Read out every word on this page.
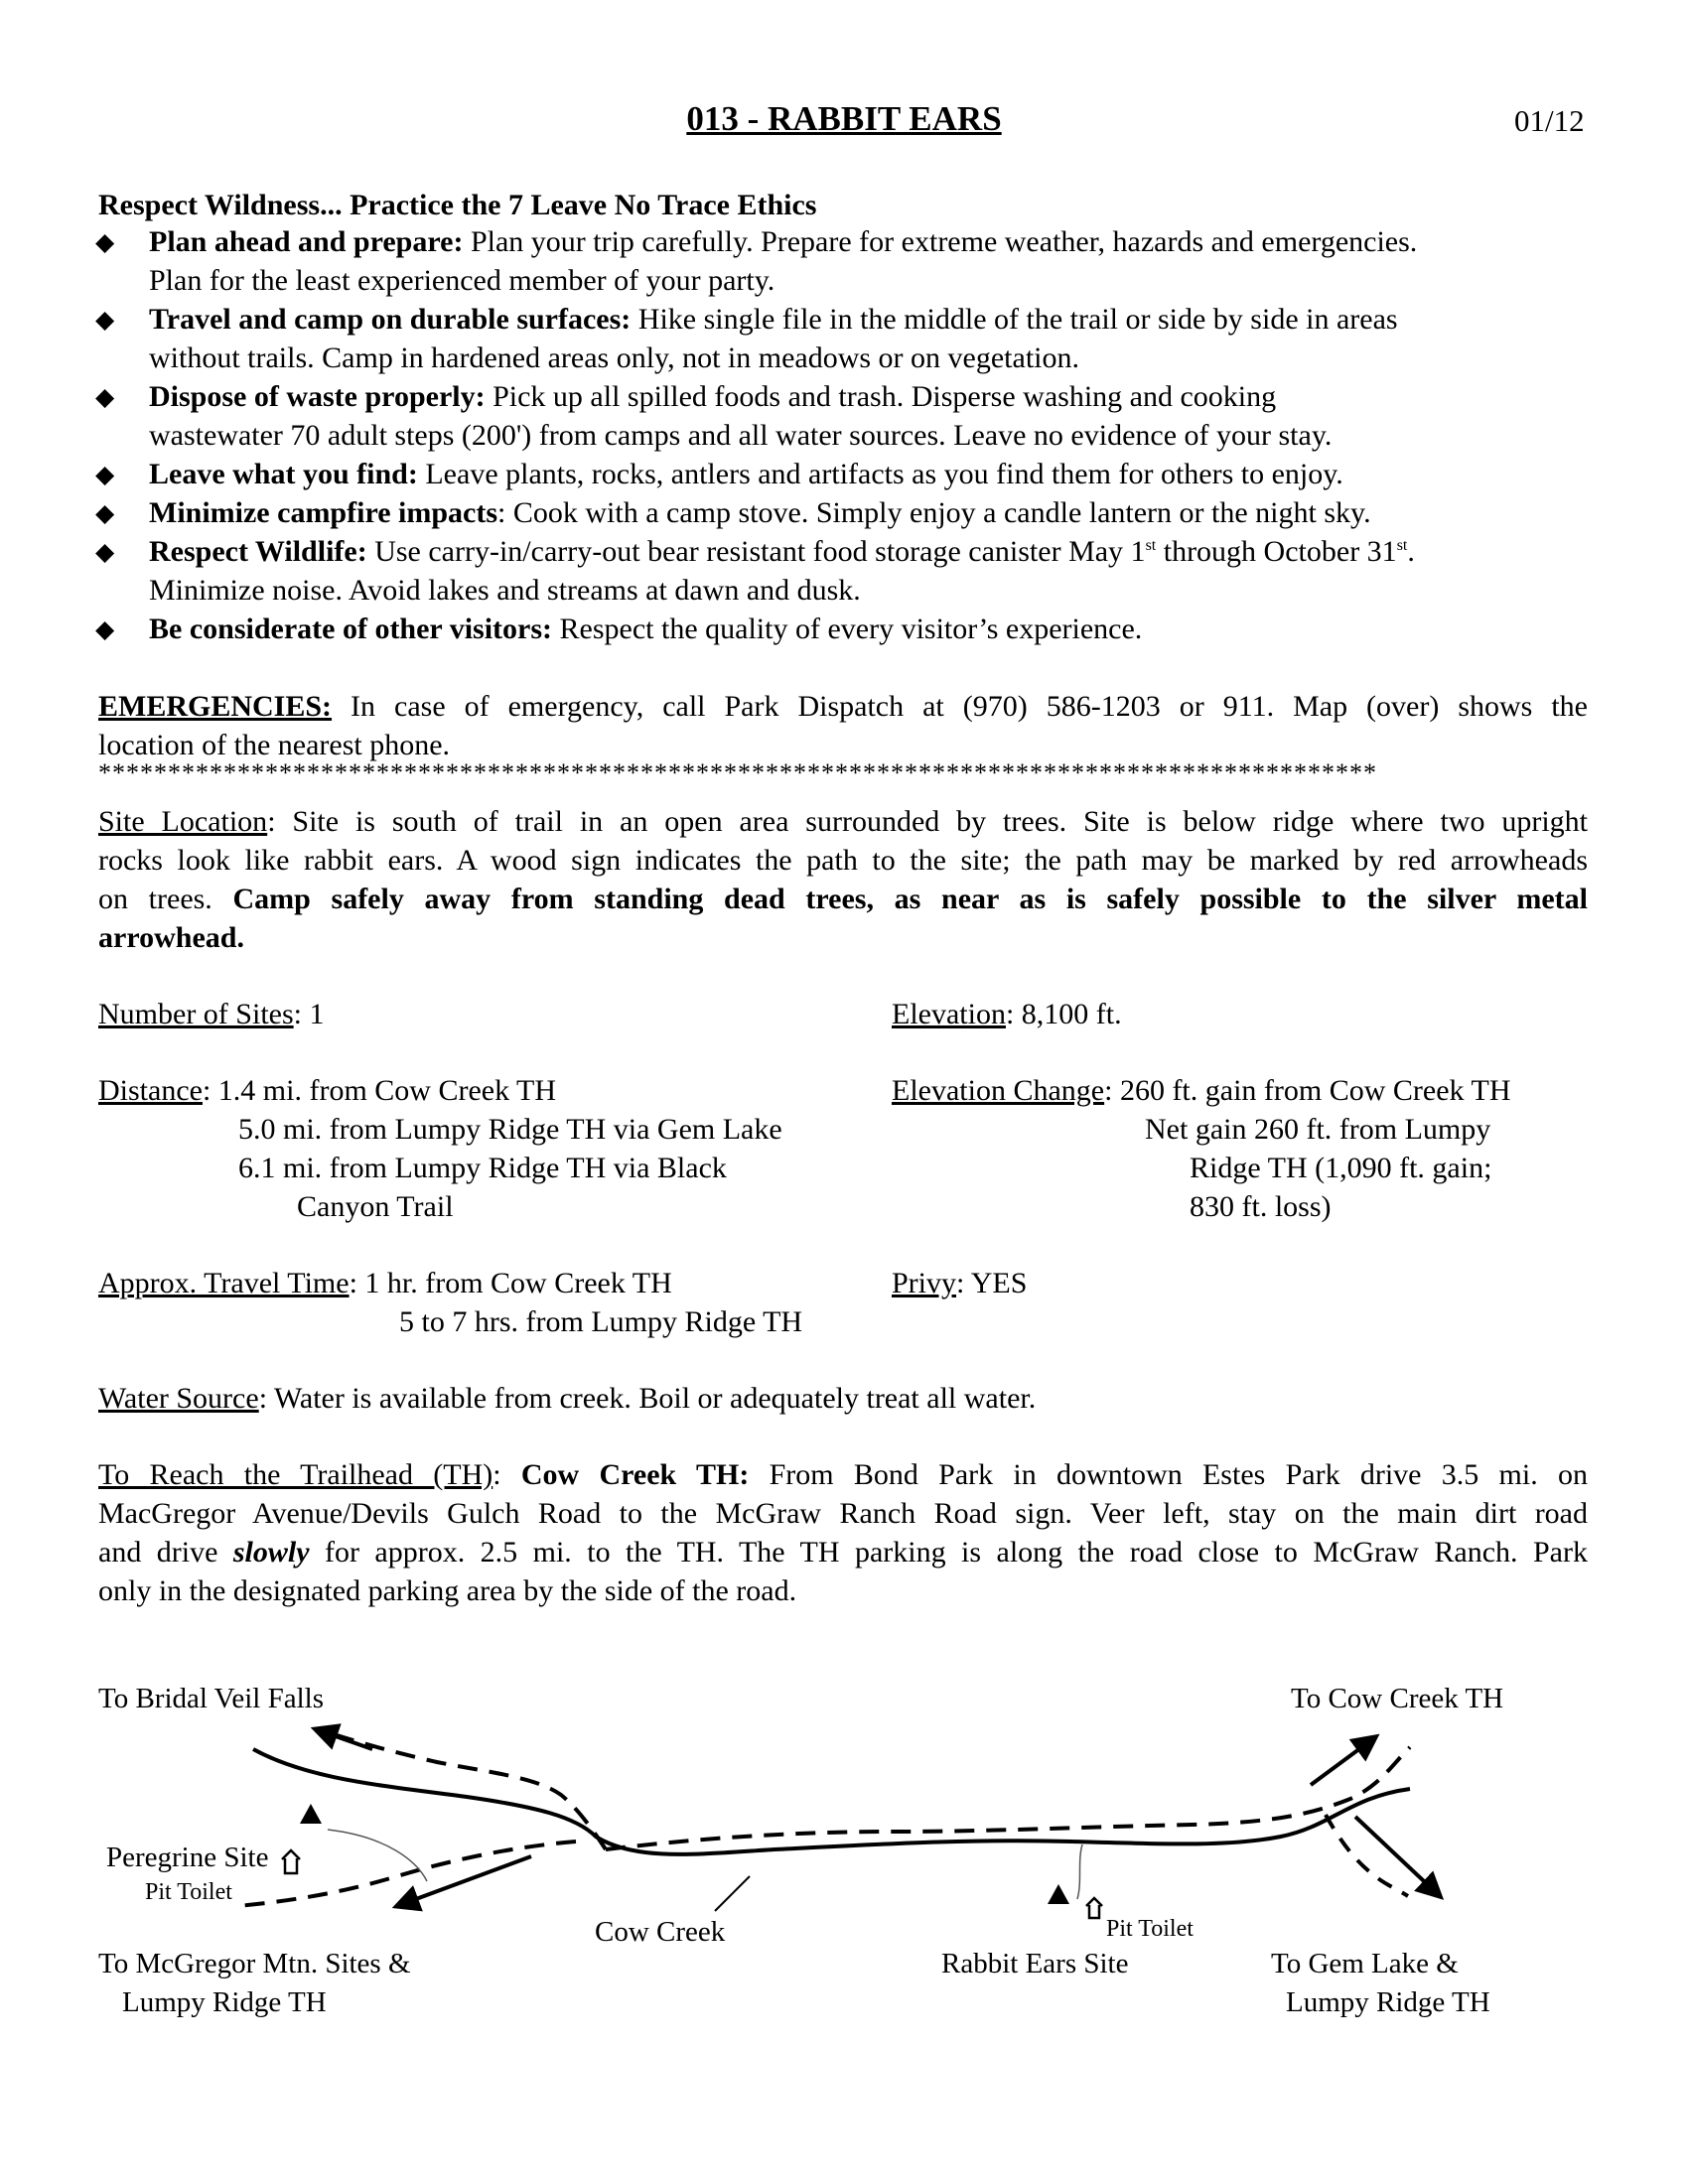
013 - RABBIT EARS	01/12
Respect Wildness... Practice the 7 Leave No Trace Ethics
◆ Plan ahead and prepare: Plan your trip carefully. Prepare for extreme weather, hazards and emergencies.
Plan for the least experienced member of your party.
◆ Travel and camp on durable surfaces: Hike single file in the middle of the trail or side by side in areas
without trails. Camp in hardened areas only, not in meadows or on vegetation.
◆ Dispose of waste properly: Pick up all spilled foods and trash. Disperse washing and cooking
wastewater 70 adult steps (200') from camps and all water sources. Leave no evidence of your stay.
◆ Leave what you find: Leave plants, rocks, antlers and artifacts as you find them for others to enjoy.
◆ Minimize campfire impacts: Cook with a camp stove. Simply enjoy a candle lantern or the night sky.
◆ Respect Wildlife: Use carry-in/carry-out bear resistant food storage canister May 1st through October 31st.
Minimize noise. Avoid lakes and streams at dawn and dusk.
◆ Be considerate of other visitors: Respect the quality of every visitor’s experience.
EMERGENCIES: In case of emergency, call Park Dispatch at (970) 586-1203 or 911. Map (over) shows the
location of the nearest phone.
********************************************************************************************
Site Location: Site is south of trail in an open area surrounded by trees. Site is below ridge where two upright
rocks look like rabbit ears. A wood sign indicates the path to the site; the path may be marked by red arrowheads
on trees. Camp safely away from standing dead trees, as near as is safely possible to the silver metal
arrowhead.
Number of Sites: 1	Elevation: 8,100 ft.
Distance: 1.4 mi. from Cow Creek TH
5.0 mi. from Lumpy Ridge TH via Gem Lake
6.1 mi. from Lumpy Ridge TH via Black
Canyon Trail
Elevation Change: 260 ft. gain from Cow Creek TH
Net gain 260 ft. from Lumpy
Ridge TH (1,090 ft. gain;
830 ft. loss)
Approx. Travel Time: 1 hr. from Cow Creek TH
5 to 7 hrs. from Lumpy Ridge TH
Privy: YES
Water Source: Water is available from creek. Boil or adequately treat all water.
To Reach the Trailhead (TH): Cow Creek TH: From Bond Park in downtown Estes Park drive 3.5 mi. on
MacGregor Avenue/Devils Gulch Road to the McGraw Ranch Road sign. Veer left, stay on the main dirt road
and drive slowly for approx. 2.5 mi. to the TH. The TH parking is along the road close to McGraw Ranch. Park
only in the designated parking area by the side of the road.
To Bridal Veil Falls	To Cow Creek TH
Peregrine Site
Pit Toilet
Cow Creek	Pit Toilet
Rabbit Ears Site
To McGregor Mtn. Sites &
Lumpy Ridge TH
To Gem Lake &
Lumpy Ridge TH
